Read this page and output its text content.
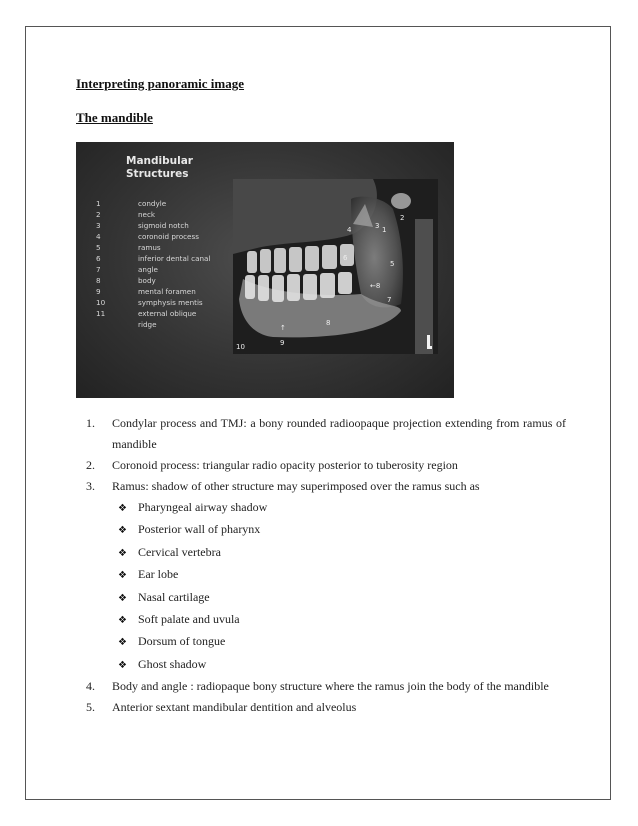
Interpreting panoramic image
The mandible
Mandibular
Structures
1	condyle
2	neck
3	sigmoid notch
4	coronoid process
5	ramus
6	inferior dental canal
7	angle
8	body
9	mental foramen
10	symphysis mentis
11	external oblique
ridge
1
2
3
4
5
6
7
←8
8
↑
9
10
1. Condylar process and TMJ: a bony rounded radioopaque projection extending from ramus of mandible
2. Coronoid process: triangular radio opacity posterior to tuberosity region
3. Ramus: shadow of other structure may superimposed over the ramus such as
❖ Pharyngeal airway shadow
❖ Posterior wall of pharynx
❖ Cervical vertebra
❖ Ear lobe
❖ Nasal cartilage
❖ Soft palate and uvula
❖ Dorsum of tongue
❖ Ghost shadow
4. Body and angle : radiopaque bony structure where the ramus join the body of the mandible
5. Anterior sextant mandibular dentition and alveolus
